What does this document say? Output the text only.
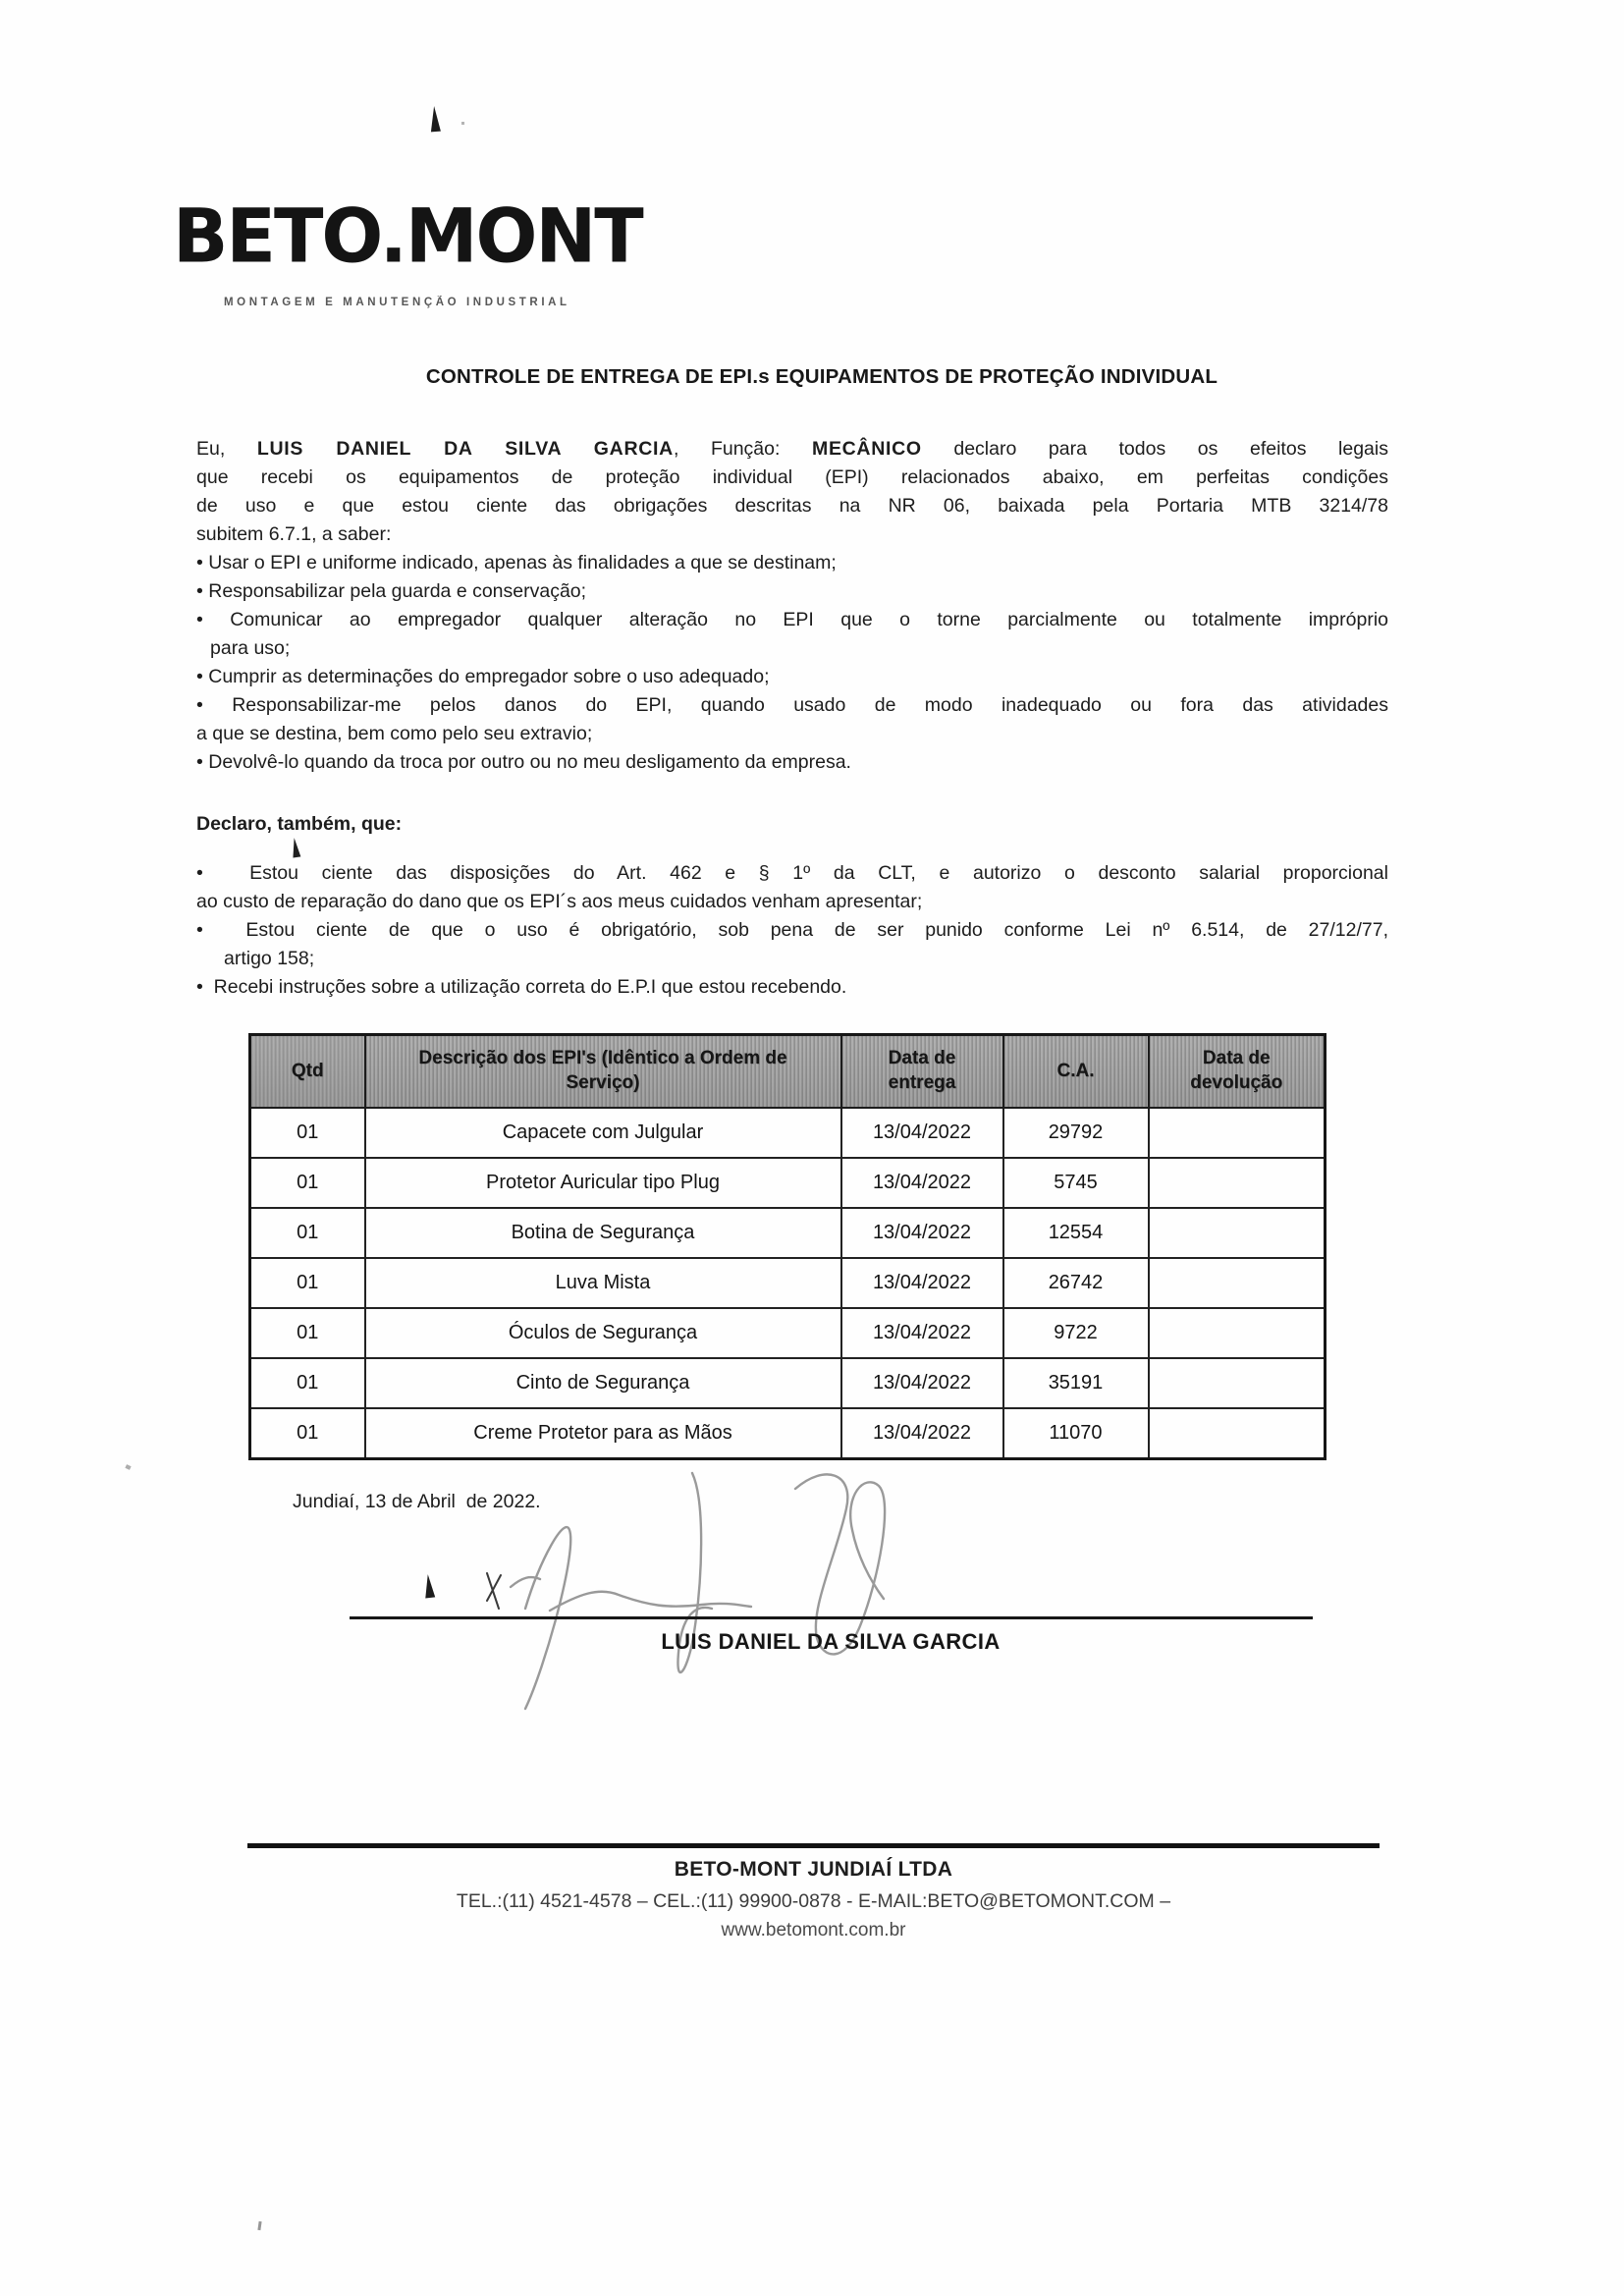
BETO.MONT
MONTAGEM E MANUTENÇÃO INDUSTRIAL
CONTROLE DE ENTREGA DE EPI.s EQUIPAMENTOS DE PROTEÇÃO INDIVIDUAL
Eu, LUIS DANIEL DA SILVA GARCIA, Função: MECÂNICO declaro para todos os efeitos legais
que recebi os equipamentos de proteção individual (EPI) relacionados abaixo, em perfeitas condições
de uso e que estou ciente das obrigações descritas na NR 06, baixada pela Portaria MTB 3214/78
subitem 6.7.1, a saber:
• Usar o EPI e uniforme indicado, apenas às finalidades a que se destinam;
• Responsabilizar pela guarda e conservação;
• Comunicar ao empregador qualquer alteração no EPI que o torne parcialmente ou totalmente impróprio
para uso;
• Cumprir as determinações do empregador sobre o uso adequado;
• Responsabilizar-me pelos danos do EPI, quando usado de modo inadequado ou fora das atividades
a que se destina, bem como pelo seu extravio;
• Devolvê-lo quando da troca por outro ou no meu desligamento da empresa.
Declaro, também, que:
•  Estou ciente das disposições do Art. 462 e § 1º da CLT, e autorizo o desconto salarial proporcional
ao custo de reparação do dano que os EPI´s aos meus cuidados venham apresentar;
•  Estou ciente de que o uso é obrigatório, sob pena de ser punido conforme Lei nº 6.514, de 27/12/77,
artigo 158;
•  Recebi instruções sobre a utilização correta do E.P.I que estou recebendo.
Qtd	Descrição dos EPI's (Idêntico a Ordem de Serviço)	Data de entrega	C.A.	Data de devolução
01	Capacete com Julgular	13/04/2022	29792	
01	Protetor Auricular tipo Plug	13/04/2022	5745	
01	Botina de Segurança	13/04/2022	12554	
01	Luva Mista	13/04/2022	26742	
01	Óculos de Segurança	13/04/2022	9722	
01	Cinto de Segurança	13/04/2022	35191	
01	Creme Protetor para as Mãos	13/04/2022	11070	
Jundiaí, 13 de Abril  de 2022.
LUIS DANIEL DA SILVA GARCIA
BETO-MONT JUNDIAÍ LTDA
TEL.:(11) 4521-4578 – CEL.:(11) 99900-0878 - E-MAIL:BETO@BETOMONT.COM –
www.betomont.com.br
